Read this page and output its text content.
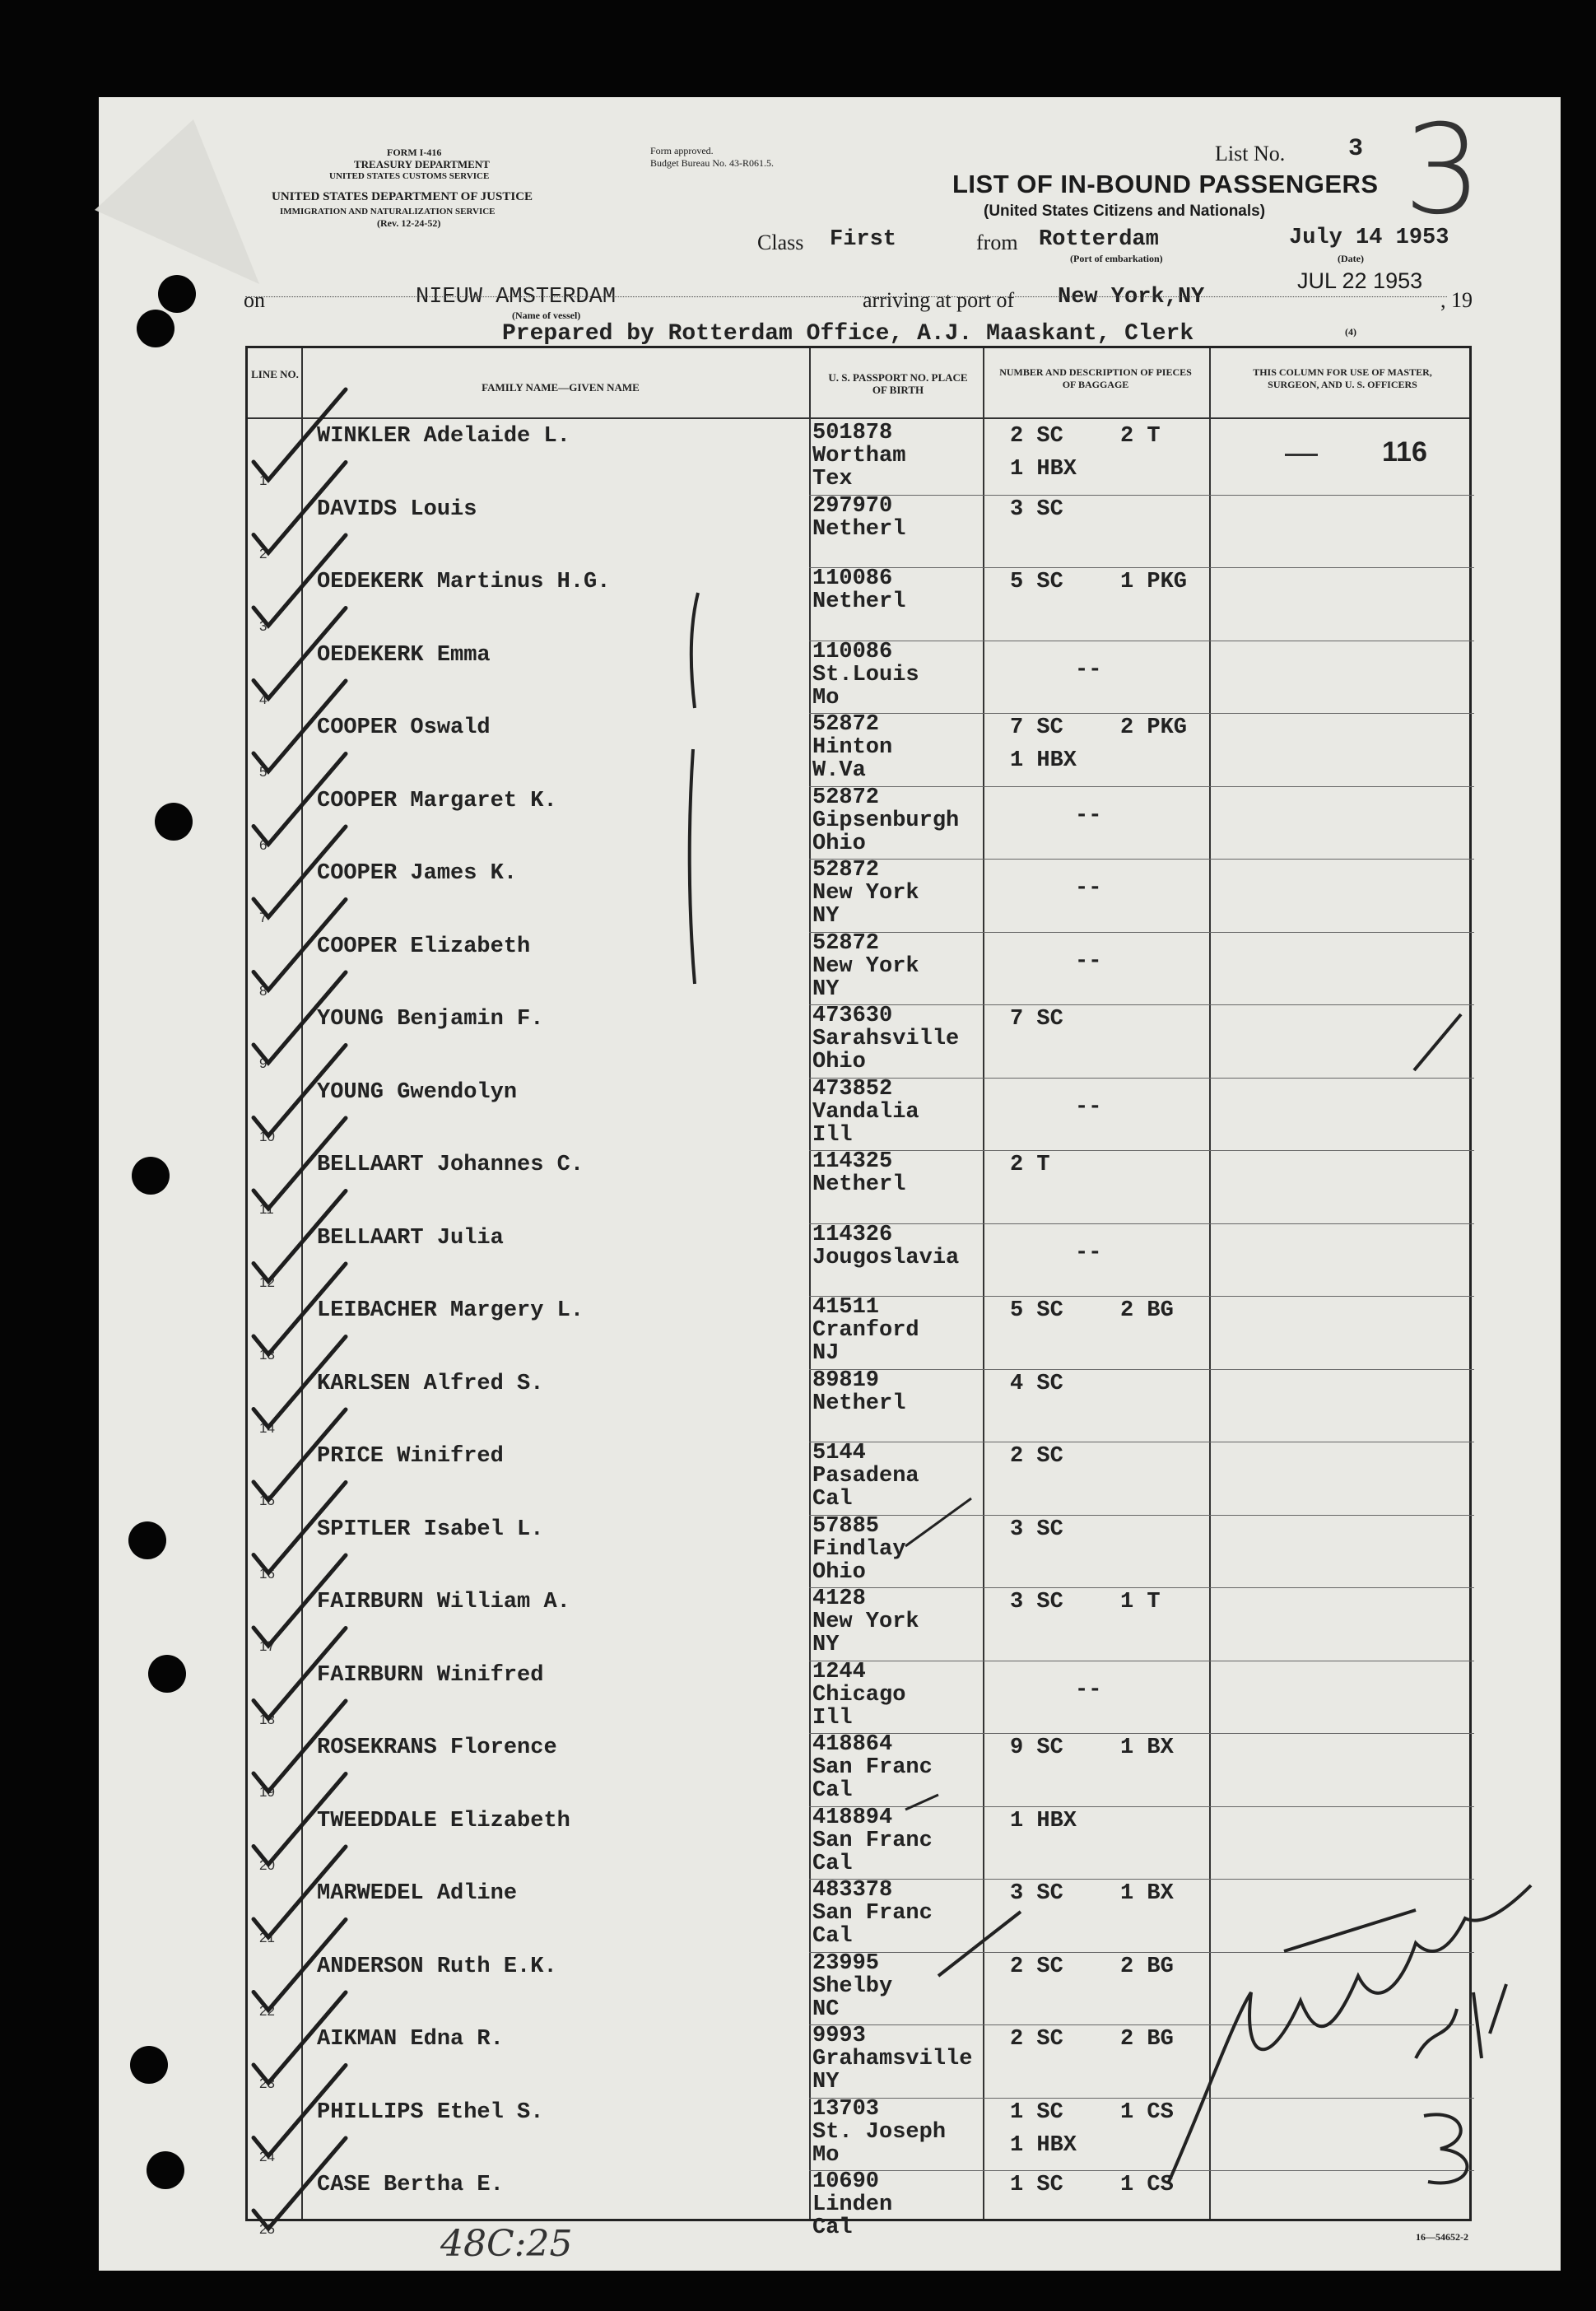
FORM I-416
TREASURY DEPARTMENT
UNITED STATES CUSTOMS SERVICE
UNITED STATES DEPARTMENT OF JUSTICE
IMMIGRATION AND NATURALIZATION SERVICE
(Rev. 12-24-52)
Form approved.
Budget Bureau No. 43-R061.5.	List No.	3 3
LIST OF IN-BOUND PASSENGERS
(United States Citizens and Nationals)
Class First	from Rotterdam
(Port of embarkation)
July 14 1953
(Date)
JUL 22 1953
on	NIEUW AMSTERDAM
(Name of vessel)
arriving at port of New York,NY	, 19
Prepared by Rotterdam Office, A.J. Maaskant, Clerk	(4)
LINE NO.
FAMILY NAME—GIVEN NAME
U. S. PASSPORT NO. PLACE OF BIRTH
NUMBER AND DESCRIPTION OF PIECES OF BAGGAGE
THIS COLUMN FOR USE OF MASTER, SURGEON, AND U. S. OFFICERS
116
1
WINKLER Adelaide L.	501878
Wortham
Tex
2 SC	2 T
1 HBX
2
DAVIDS Louis	297970
Netherl
3 SC
3
OEDEKERK Martinus H.G.	110086
Netherl
5 SC	1 PKG
4
OEDEKERK Emma	110086
St.Louis
Mo
--
5
COOPER Oswald	52872
Hinton
W.Va
7 SC	2 PKG
1 HBX
6
COOPER Margaret K.	52872
Gipsenburgh
Ohio
--
7
COOPER James K.	52872
New York
NY
--
8
COOPER Elizabeth	52872
New York
NY
--
9
YOUNG Benjamin F.	473630
Sarahsville
Ohio
7 SC
10
YOUNG Gwendolyn	473852
Vandalia
Ill
--
11
BELLAART Johannes C.	114325
Netherl
2 T
12
BELLAART Julia	114326
Jougoslavia	--
13
LEIBACHER Margery L.	41511
Cranford
NJ
5 SC	2 BG
14
KARLSEN Alfred S.	89819
Netherl
4 SC
15
PRICE Winifred	5144
Pasadena
Cal
2 SC
16
SPITLER Isabel L.	57885
Findlay
Ohio
3 SC
17
FAIRBURN William A.	4128
New York
NY
3 SC	1 T
18
FAIRBURN Winifred	1244
Chicago
Ill
--
19
ROSEKRANS Florence	418864
San Franc
Cal
9 SC	1 BX
20
TWEEDDALE Elizabeth	418894
San Franc
Cal
1 HBX
21
MARWEDEL Adline	483378
San Franc
Cal
3 SC	1 BX
22
ANDERSON Ruth E.K.	23995
Shelby
NC
2 SC	2 BG
23
AIKMAN Edna R.	9993
Grahamsville
NY
2 SC	2 BG
24
PHILLIPS Ethel S.	13703
St. Joseph
Mo
1 SC	1 CS
1 HBX
25
CASE Bertha E.	10690
Linden
Cal
1 SC	1 CS
48C:25	16—54652-2
